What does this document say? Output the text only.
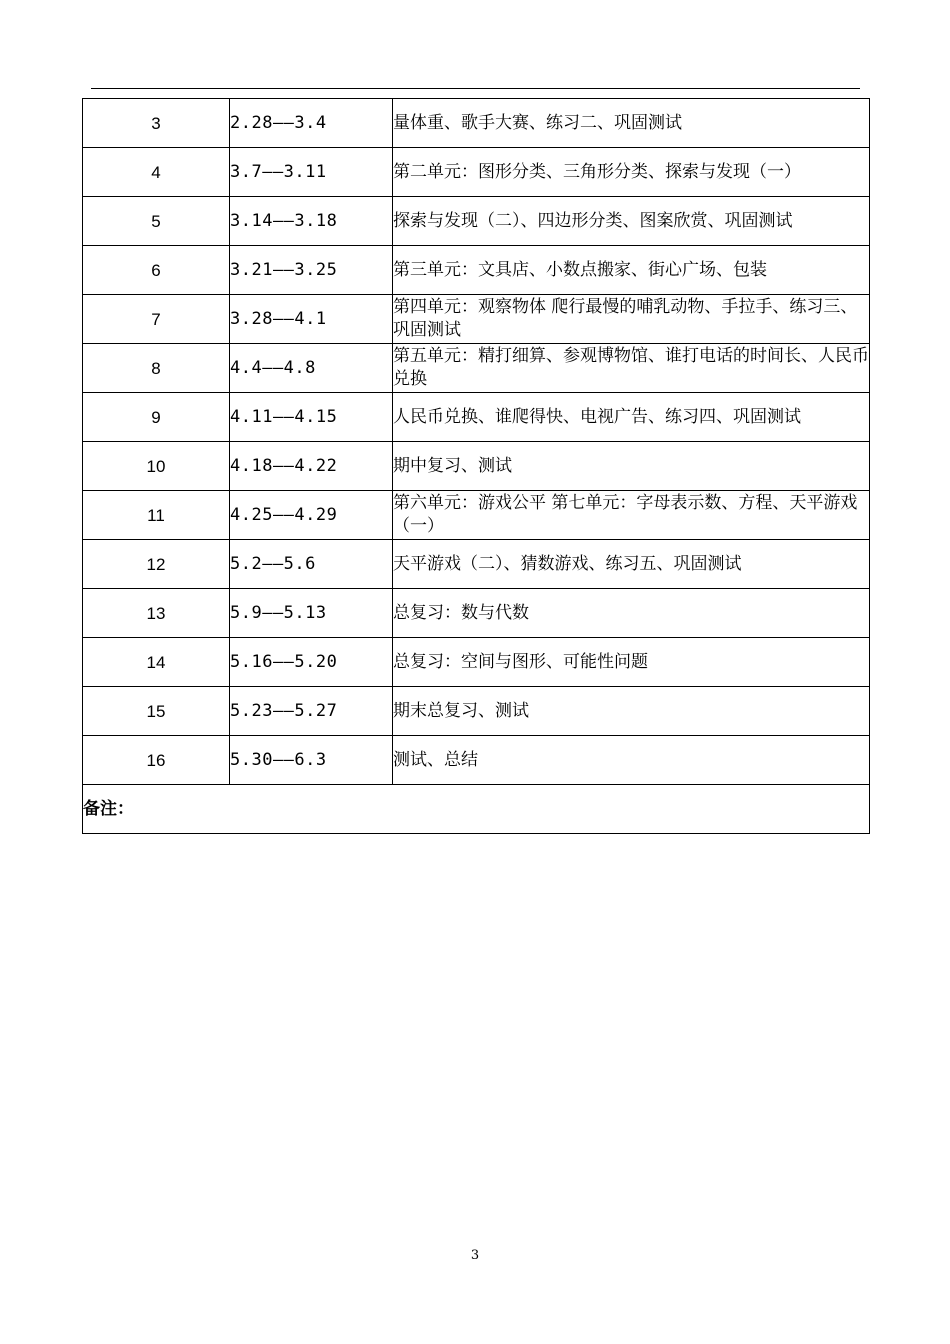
3	2.28——3.4	量体重、歌手大赛、练习二、巩固测试
4	3.7——3.11	第二单元：图形分类、三角形分类、探索与发现（一）
5	3.14——3.18	探索与发现（二）、四边形分类、图案欣赏、巩固测试
6	3.21——3.25	第三单元：文具店、小数点搬家、街心广场、包装
7	3.28——4.1	第四单元：观察物体 爬行最慢的哺乳动物、手拉手、练习三、巩固测试
8	4.4——4.8	第五单元：精打细算、参观博物馆、谁打电话的时间长、人民币兑换
9	4.11——4.15	人民币兑换、谁爬得快、电视广告、练习四、巩固测试
10	4.18——4.22	期中复习、测试
11	4.25——4.29	第六单元：游戏公平 第七单元：字母表示数、方程、天平游戏（一）
12	5.2——5.6	天平游戏（二）、猜数游戏、练习五、巩固测试
13	5.9——5.13	总复习：数与代数
14	5.16——5.20	总复习：空间与图形、可能性问题
15	5.23——5.27	期末总复习、测试
16	5.30——6.3	测试、总结
备注：		
3
